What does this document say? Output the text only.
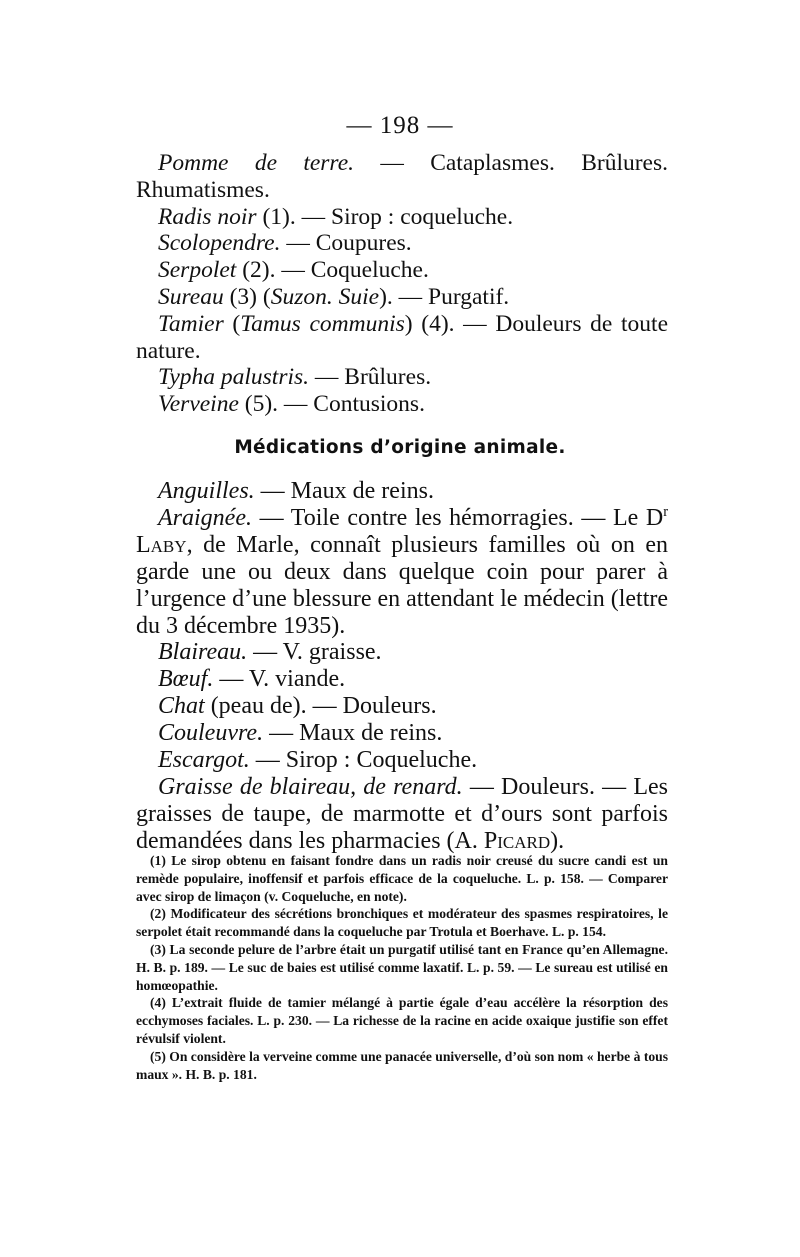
— 198 —

Pomme de terre. — Cataplasmes. Brûlures. Rhumatismes.

Radis noir (1). — Sirop : coqueluche.

Scolopendre. — Coupures.

Serpolet (2). — Coqueluche.

Sureau (3) (Suzon. Suie). — Purgatif.

Tamier (Tamus communis) (4). — Douleurs de toute nature.

Typha palustris. — Brûlures.

Verveine (5). — Contusions.

Médications d’origine animale.

Anguilles. — Maux de reins.

Araignée. — Toile contre les hémorragies. — Le $D^r$ Laby, de Marle, connaît plusieurs familles où on en garde une ou deux dans quelque coin pour parer à l’urgence d’une blessure en attendant le médecin (lettre du 3 décembre 1935).

Blaireau. — V. graisse.

Bœuf. — V. viande.

Chat (peau de). — Douleurs.

Couleuvre. — Maux de reins.

Escargot. — Sirop : Coqueluche.

Graisse de blaireau, de renard. — Douleurs. — Les graisses de taupe, de marmotte et d’ours sont parfois demandées dans les pharmacies (A. Picard).

(1) Le sirop obtenu en faisant fondre dans un radis noir creusé du sucre candi est un remède populaire, inoffensif et parfois efficace de la coqueluche. L. p. 158. — Comparer avec sirop de limaçon (v. Coqueluche, en note).

(2) Modificateur des sécrétions bronchiques et modérateur des spasmes respiratoires, le serpolet était recommandé dans la coqueluche par Trotula et Boerhave. L. p. 154.

(3) La seconde pelure de l’arbre était un purgatif utilisé tant en France qu’en Allemagne. H. B. p. 189. — Le suc de baies est utilisé comme laxatif. L. p. 59. — Le sureau est utilisé en homœopathie.

(4) L’extrait fluide de tamier mélangé à partie égale d’eau accélère la résorption des ecchymoses faciales. L. p. 230. — La richesse de la racine en acide oxaique justifie son effet révulsif violent.

(5) On considère la verveine comme une panacée universelle, d’où son nom « herbe à tous maux ». H. B. p. 181.
